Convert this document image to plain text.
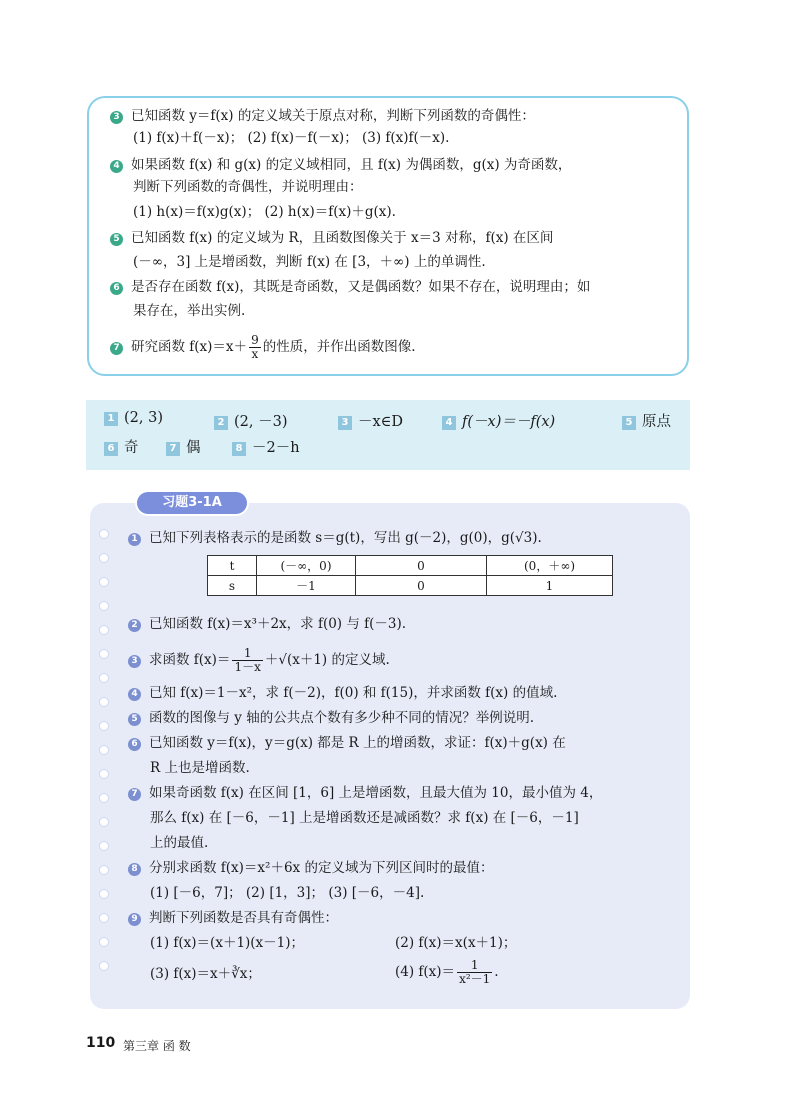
3 已知函数 y＝f(x) 的定义域关于原点对称，判断下列函数的奇偶性：
(1) f(x)＋f(－x)； (2) f(x)－f(－x)； (3) f(x)f(－x).
4 如果函数 f(x) 和 g(x) 的定义域相同，且 f(x) 为偶函数，g(x) 为奇函数，
判断下列函数的奇偶性，并说明理由：
(1) h(x)＝f(x)g(x)； (2) h(x)＝f(x)＋g(x).
5 已知函数 f(x) 的定义域为 R，且函数图像关于 x＝3 对称，f(x) 在区间
(－∞，3] 上是增函数，判断 f(x) 在 [3，＋∞) 上的单调性.
6 是否存在函数 f(x)，其既是奇函数，又是偶函数？如果不存在，说明理由；如
果存在，举出实例.
7 研究函数 $f(x)=x+ \frac{9}{x}$ 的性质，并作出函数图像.
1 (2, 3)	2 (2, －3)	3 －x∈D	4 f(－x)＝－f(x)	5 原点
6 奇	7 偶	8 －2－h
习题3-1A
1 已知下列表格表示的是函数 s＝g(t)，写出 g(－2)，g(0)，g(√3).
t	(－∞，0)	0	(0，＋∞)
s	－1	0	1
2 已知函数 f(x)＝x³＋2x，求 f(0) 与 f(－3).
3 求函数 $f(x)= \frac{1}{1-x} +√(x+1)$ 的定义域.
4 已知 f(x)＝1－x²，求 f(－2)，f(0) 和 f(15)，并求函数 f(x) 的值域.
5 函数的图像与 y 轴的公共点个数有多少种不同的情况？举例说明.
6 已知函数 y＝f(x)，y＝g(x) 都是 R 上的增函数，求证：f(x)＋g(x) 在
R 上也是增函数.
7 如果奇函数 f(x) 在区间 [1，6] 上是增函数，且最大值为 10，最小值为 4，
那么 f(x) 在 [－6，－1] 上是增函数还是减函数？求 f(x) 在 [－6，－1]
上的最值.
8 分别求函数 f(x)＝x²＋6x 的定义域为下列区间时的最值：
(1) [－6，7]； (2) [1，3]； (3) [－6，－4].
9 判断下列函数是否具有奇偶性：
(1) f(x)＝(x＋1)(x－1)；	(2) f(x)＝x(x＋1)；
(3) f(x)＝x＋∛x；	(4) $f(x)= \frac{1}{\text{x²－1}}$ .
110 第三章 函 数
